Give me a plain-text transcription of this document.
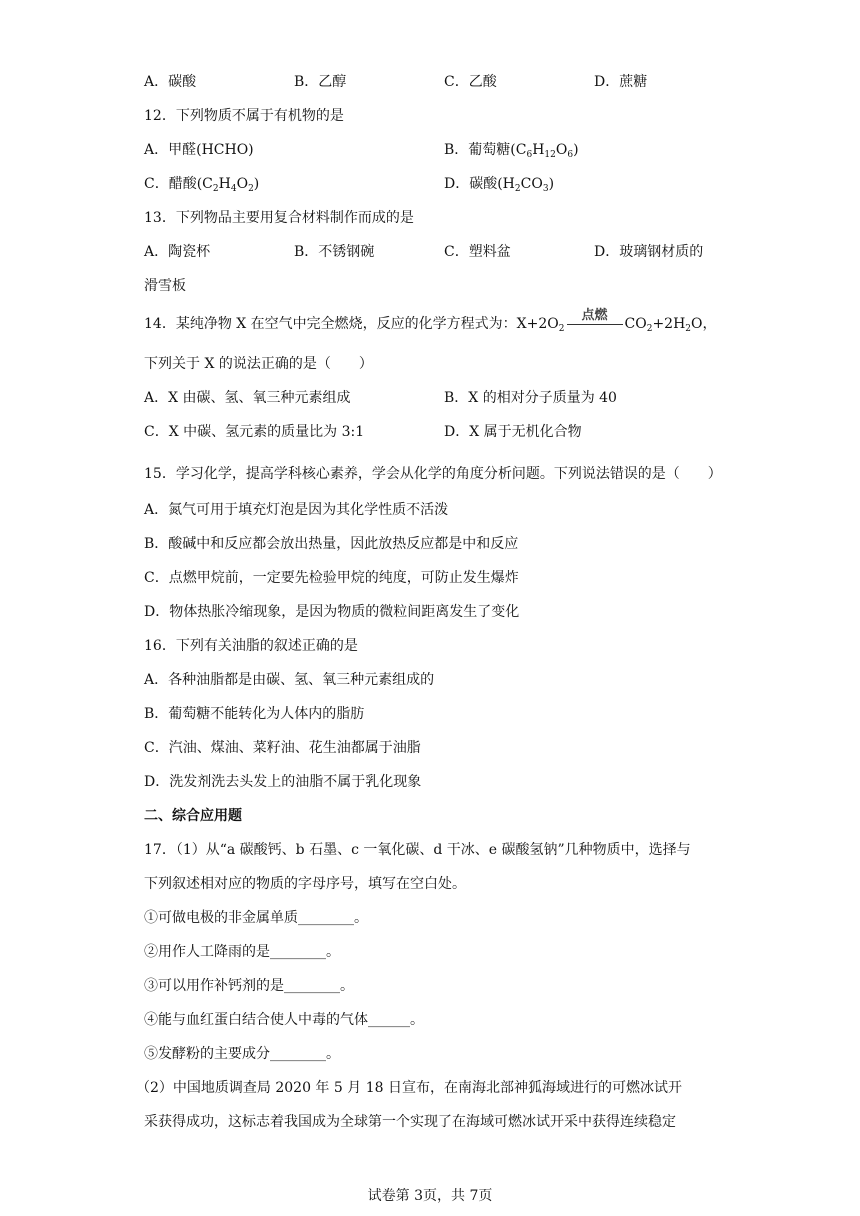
A．碳酸	B．乙醇	C．乙酸	D．蔗糖
12．下列物质不属于有机物的是
A．甲醛(HCHO)	B．葡萄糖$(C_6H_{12}O_6)$
C．醋酸$(C_2H_4O_2)$	D．碳酸$(H_2CO_3)$
13．下列物品主要用复合材料制作而成的是
A．陶瓷杯	B．不锈钢碗	C．塑料盆	D．玻璃钢材质的
滑雪板
14．某纯净物 X 在空气中完全燃烧，反应的化学方程式为：$X+2O_2$
点燃
$CO_2+2H_2O$，
下列关于 X 的说法正确的是（　　）
A．X 由碳、氢、氧三种元素组成	B．X 的相对分子质量为 40
C．X 中碳、氢元素的质量比为 3:1	D．X 属于无机化合物
15．学习化学，提高学科核心素养，学会从化学的角度分析问题。下列说法错误的是（　　）
A．氮气可用于填充灯泡是因为其化学性质不活泼
B．酸碱中和反应都会放出热量，因此放热反应都是中和反应
C．点燃甲烷前，一定要先检验甲烷的纯度，可防止发生爆炸
D．物体热胀冷缩现象，是因为物质的微粒间距离发生了变化
16．下列有关油脂的叙述正确的是
A．各种油脂都是由碳、氢、氧三种元素组成的
B．葡萄糖不能转化为人体内的脂肪
C．汽油、煤油、菜籽油、花生油都属于油脂
D．洗发剂洗去头发上的油脂不属于乳化现象
二、综合应用题
17．（1）从“a 碳酸钙、b 石墨、c 一氧化碳、d 干冰、e 碳酸氢钠”几种物质中，选择与
下列叙述相对应的物质的字母序号，填写在空白处。
①可做电极的非金属单质________。
②用作人工降雨的是________。
③可以用作补钙剂的是________。
④能与血红蛋白结合使人中毒的气体______。
⑤发酵粉的主要成分________。
（2）中国地质调查局 2020 年 5 月 18 日宣布，在南海北部神狐海域进行的可燃冰试开
采获得成功，这标志着我国成为全球第一个实现了在海域可燃冰试开采中获得连续稳定
试卷第 3页，共 7页
